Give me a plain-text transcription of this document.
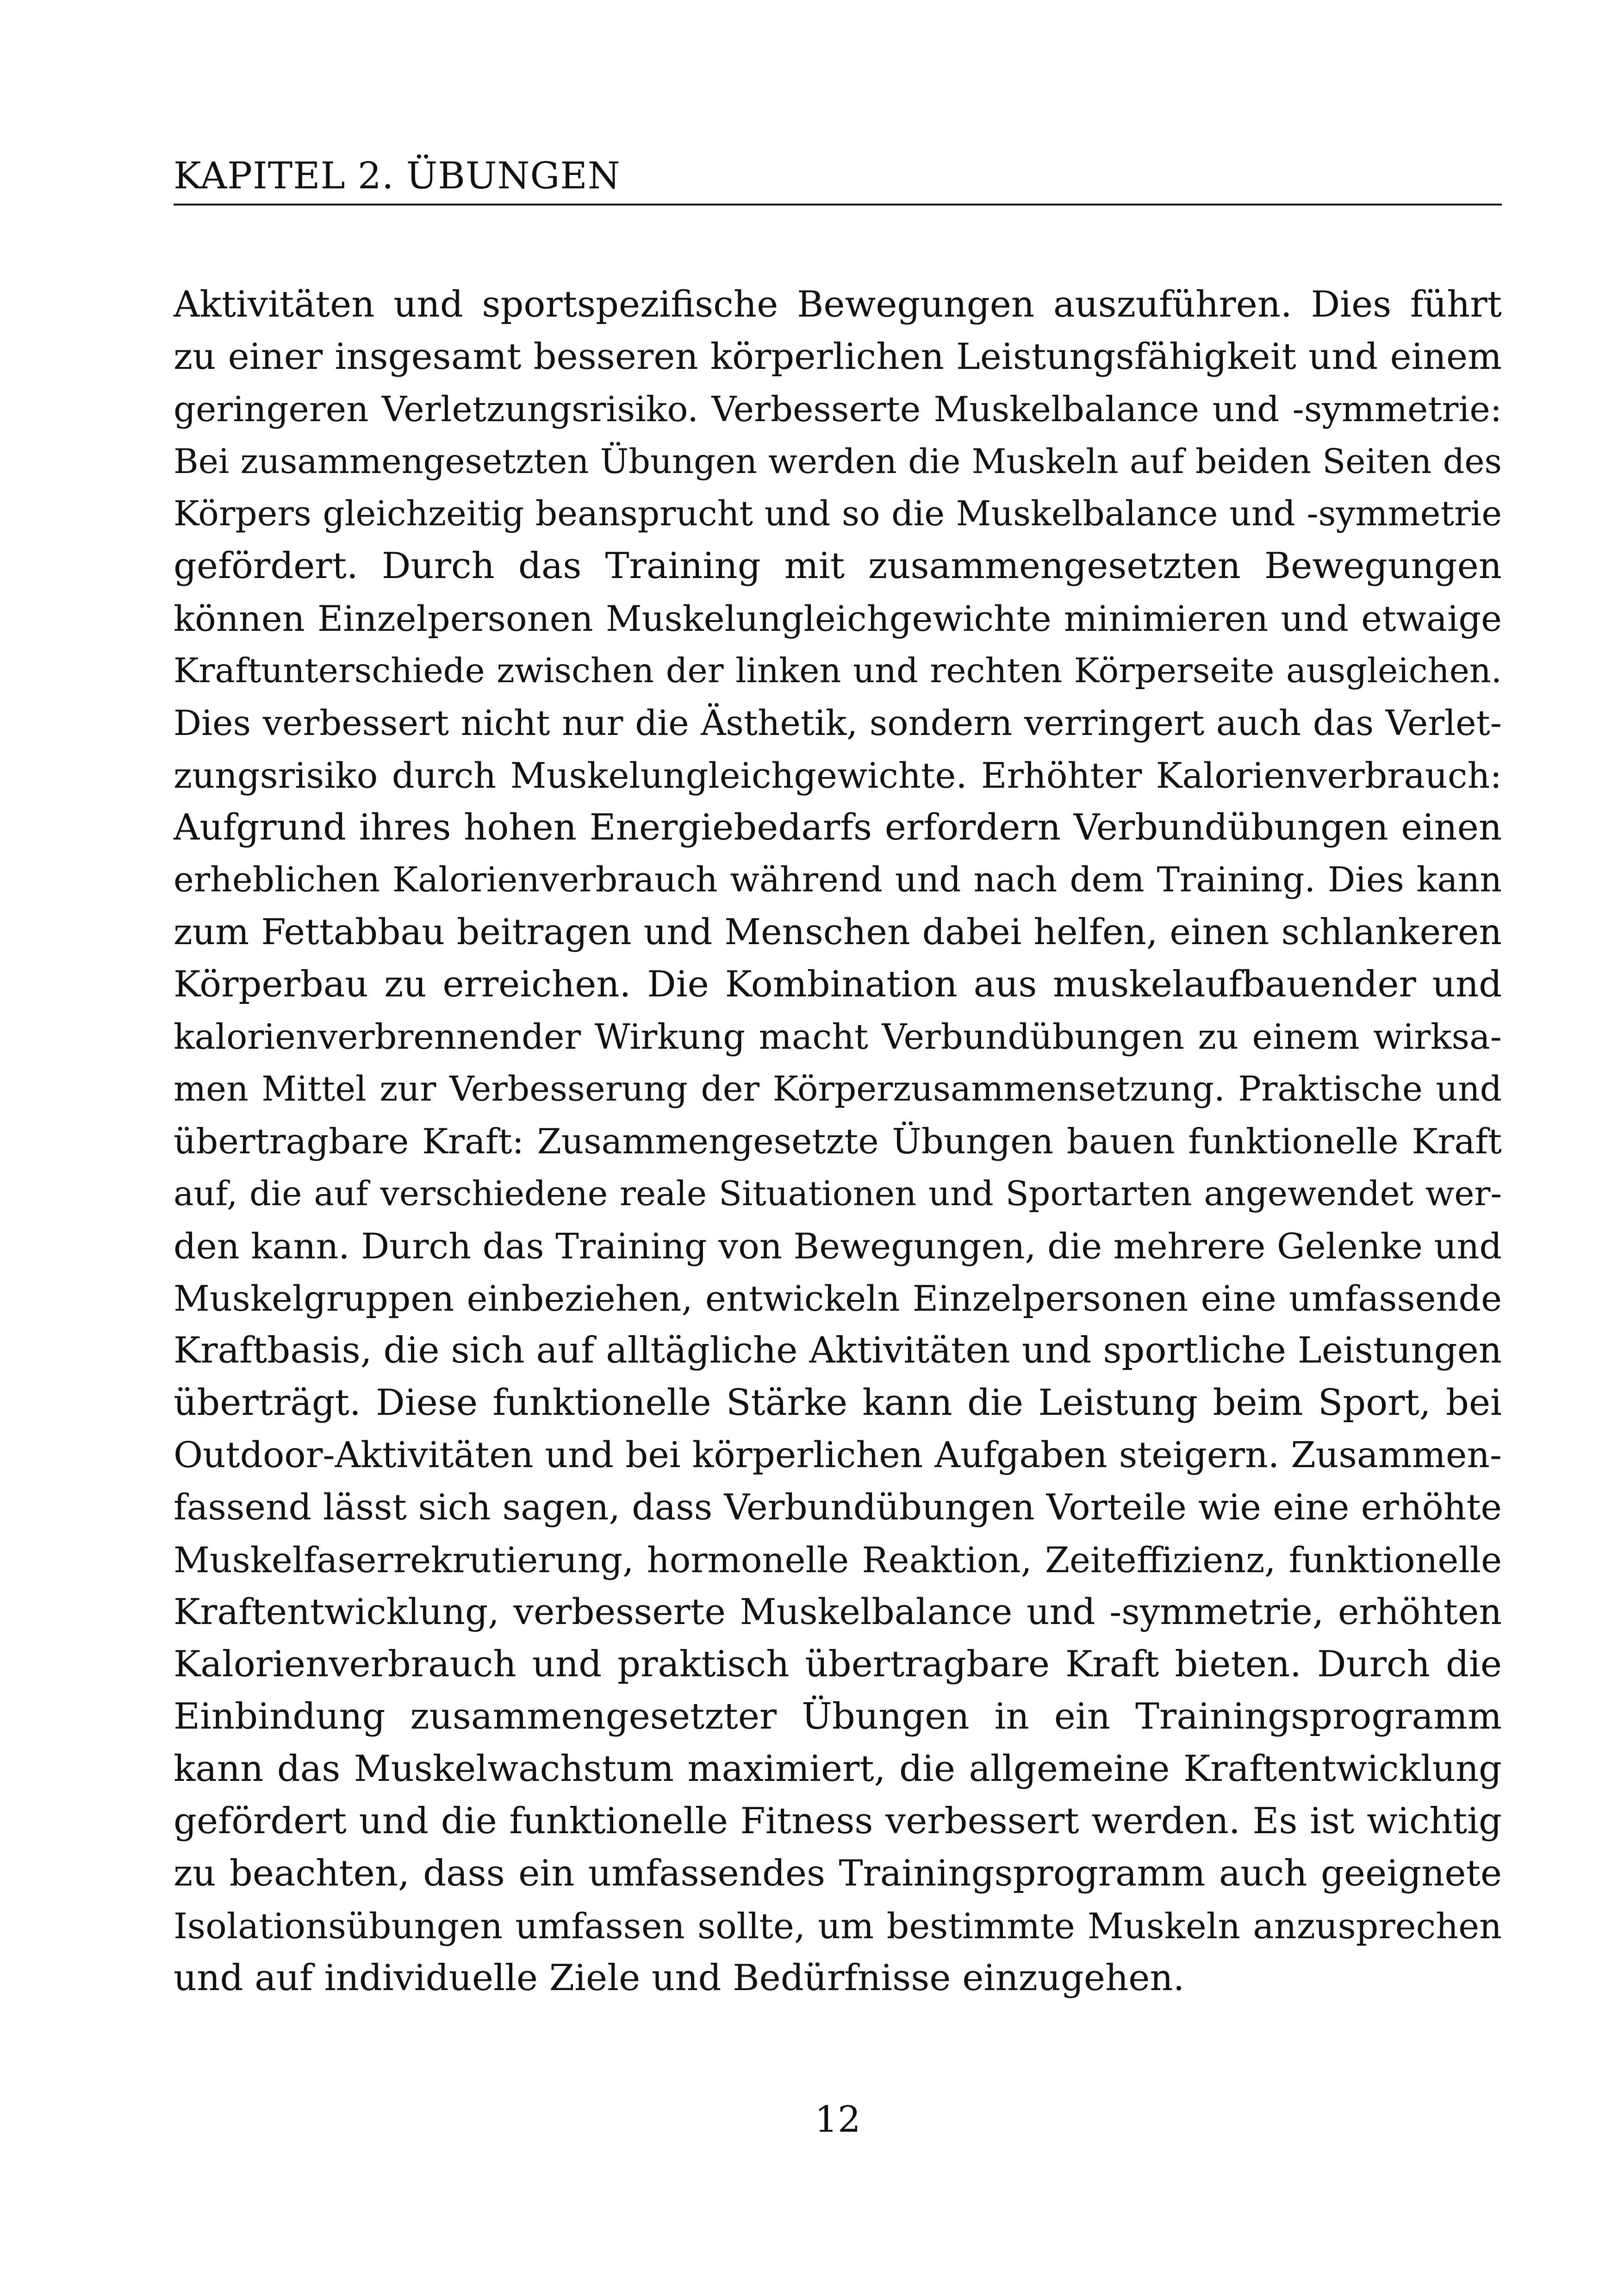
KAPITEL 2. ÜBUNGEN
Aktivitäten und sportspezifische Bewegungen auszuführen. Dies führt
zu einer insgesamt besseren körperlichen Leistungsfähigkeit und einem
geringeren Verletzungsrisiko. Verbesserte Muskelbalance und -symmetrie:
Bei zusammengesetzten Übungen werden die Muskeln auf beiden Seiten des
Körpers gleichzeitig beansprucht und so die Muskelbalance und -symmetrie
gefördert. Durch das Training mit zusammengesetzten Bewegungen
können Einzelpersonen Muskelungleichgewichte minimieren und etwaige
Kraftunterschiede zwischen der linken und rechten Körperseite ausgleichen.
Dies verbessert nicht nur die Ästhetik, sondern verringert auch das Verlet-
zungsrisiko durch Muskelungleichgewichte. Erhöhter Kalorienverbrauch:
Aufgrund ihres hohen Energiebedarfs erfordern Verbundübungen einen
erheblichen Kalorienverbrauch während und nach dem Training. Dies kann
zum Fettabbau beitragen und Menschen dabei helfen, einen schlankeren
Körperbau zu erreichen. Die Kombination aus muskelaufbauender und
kalorienverbrennender Wirkung macht Verbundübungen zu einem wirksa-
men Mittel zur Verbesserung der Körperzusammensetzung. Praktische und
übertragbare Kraft: Zusammengesetzte Übungen bauen funktionelle Kraft
auf, die auf verschiedene reale Situationen und Sportarten angewendet wer-
den kann. Durch das Training von Bewegungen, die mehrere Gelenke und
Muskelgruppen einbeziehen, entwickeln Einzelpersonen eine umfassende
Kraftbasis, die sich auf alltägliche Aktivitäten und sportliche Leistungen
überträgt. Diese funktionelle Stärke kann die Leistung beim Sport, bei
Outdoor-Aktivitäten und bei körperlichen Aufgaben steigern. Zusammen-
fassend lässt sich sagen, dass Verbundübungen Vorteile wie eine erhöhte
Muskelfaserrekrutierung, hormonelle Reaktion, Zeiteffizienz, funktionelle
Kraftentwicklung, verbesserte Muskelbalance und -symmetrie, erhöhten
Kalorienverbrauch und praktisch übertragbare Kraft bieten. Durch die
Einbindung zusammengesetzter Übungen in ein Trainingsprogramm
kann das Muskelwachstum maximiert, die allgemeine Kraftentwicklung
gefördert und die funktionelle Fitness verbessert werden. Es ist wichtig
zu beachten, dass ein umfassendes Trainingsprogramm auch geeignete
Isolationsübungen umfassen sollte, um bestimmte Muskeln anzusprechen
und auf individuelle Ziele und Bedürfnisse einzugehen.
12
